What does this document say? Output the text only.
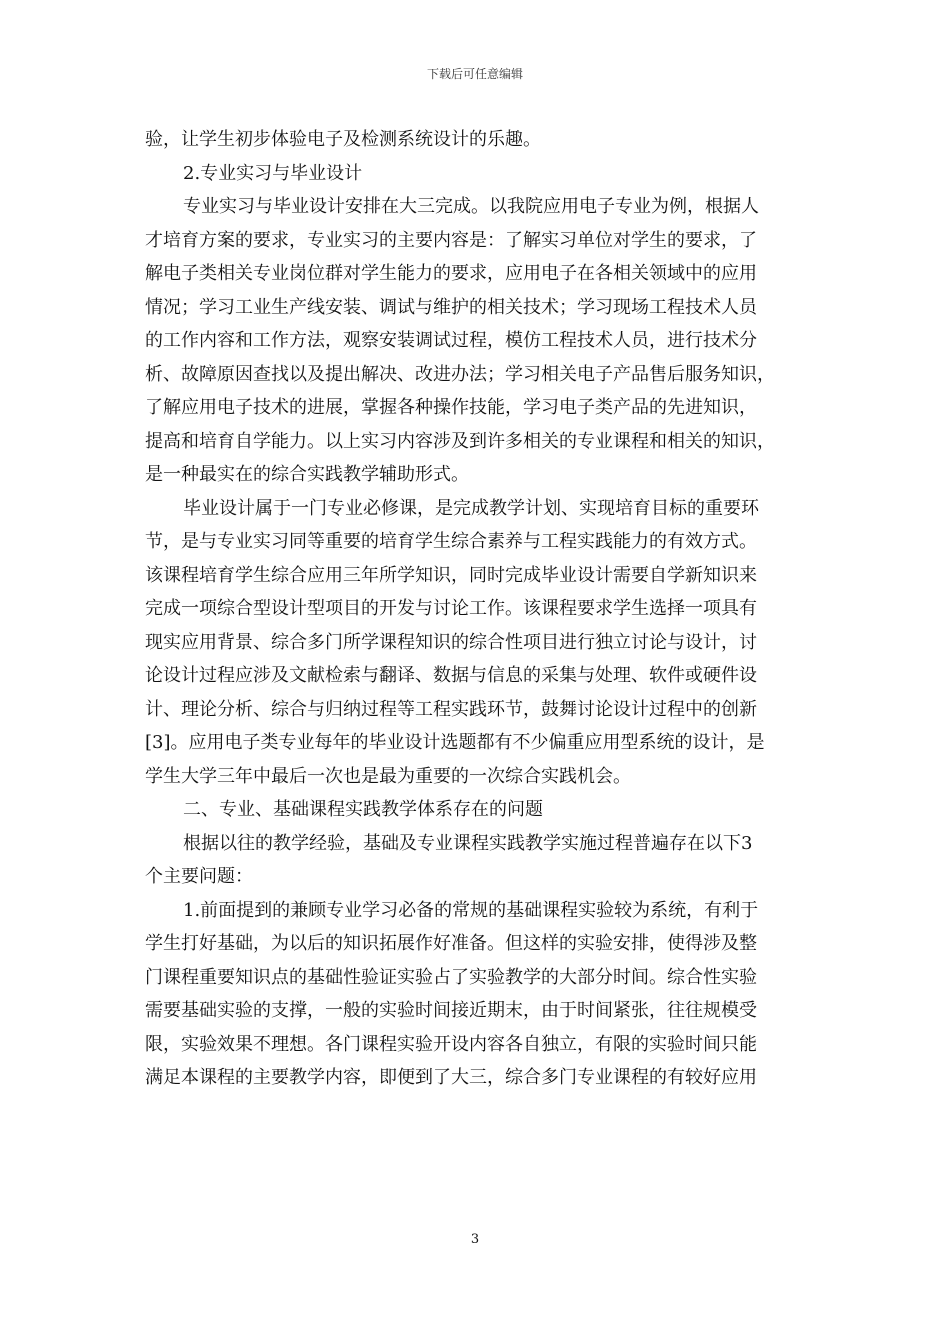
下载后可任意编辑

验，让学生初步体验电子及检测系统设计的乐趣。

2.专业实习与毕业设计

专业实习与毕业设计安排在大三完成。以我院应用电子专业为例，根据人

才培育方案的要求，专业实习的主要内容是：了解实习单位对学生的要求，了

解电子类相关专业岗位群对学生能力的要求，应用电子在各相关领域中的应用

情况；学习工业生产线安装、调试与维护的相关技术；学习现场工程技术人员

的工作内容和工作方法，观察安装调试过程，模仿工程技术人员，进行技术分

析、故障原因查找以及提出解决、改进办法；学习相关电子产品售后服务知识，

了解应用电子技术的进展，掌握各种操作技能，学习电子类产品的先进知识，

提高和培育自学能力。以上实习内容涉及到许多相关的专业课程和相关的知识，

是一种最实在的综合实践教学辅助形式。

毕业设计属于一门专业必修课，是完成教学计划、实现培育目标的重要环

节，是与专业实习同等重要的培育学生综合素养与工程实践能力的有效方式。

该课程培育学生综合应用三年所学知识，同时完成毕业设计需要自学新知识来

完成一项综合型设计型项目的开发与讨论工作。该课程要求学生选择一项具有

现实应用背景、综合多门所学课程知识的综合性项目进行独立讨论与设计，讨

论设计过程应涉及文献检索与翻译、数据与信息的采集与处理、软件或硬件设

计、理论分析、综合与归纳过程等工程实践环节，鼓舞讨论设计过程中的创新

[3]。应用电子类专业每年的毕业设计选题都有不少偏重应用型系统的设计，是

学生大学三年中最后一次也是最为重要的一次综合实践机会。

二、专业、基础课程实践教学体系存在的问题

根据以往的教学经验，基础及专业课程实践教学实施过程普遍存在以下3

个主要问题：

1.前面提到的兼顾专业学习必备的常规的基础课程实验较为系统，有利于

学生打好基础，为以后的知识拓展作好准备。但这样的实验安排，使得涉及整

门课程重要知识点的基础性验证实验占了实验教学的大部分时间。综合性实验

需要基础实验的支撑，一般的实验时间接近期末，由于时间紧张，往往规模受

限，实验效果不理想。各门课程实验开设内容各自独立，有限的实验时间只能

满足本课程的主要教学内容，即便到了大三，综合多门专业课程的有较好应用

3
